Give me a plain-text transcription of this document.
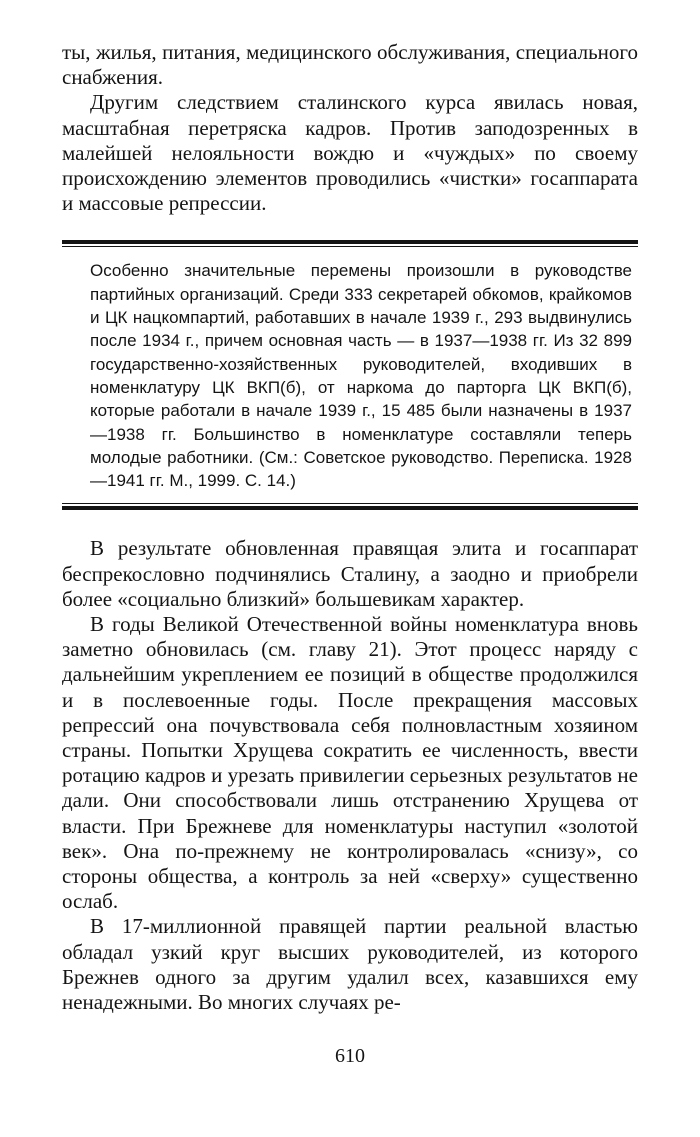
ты, жилья, питания, медицинского обслуживания, специального снабжения.

Другим следствием сталинского курса явилась новая, масштабная перетряска кадров. Против заподозренных в малейшей нелояльности вождю и «чуждых» по своему происхождению элементов проводились «чистки» госаппарата и массовые репрессии.

Особенно значительные перемены произошли в руководстве партийных организаций. Среди 333 секретарей обкомов, крайкомов и ЦК нацкомпартий, работавших в начале 1939 г., 293 выдвинулись после 1934 г., причем основная часть — в 1937—1938 гг. Из 32 899 государственно-хозяйственных руководителей, входивших в номенклатуру ЦК ВКП(б), от наркома до парторга ЦК ВКП(б), которые работали в начале 1939 г., 15 485 были назначены в 1937—1938 гг. Большинство в номенклатуре составляли теперь молодые работники. (См.: Советское руководство. Переписка. 1928—1941 гг. М., 1999. С. 14.)

В результате обновленная правящая элита и госаппарат беспрекословно подчинялись Сталину, а заодно и приобрели более «социально близкий» большевикам характер.

В годы Великой Отечественной войны номенклатура вновь заметно обновилась (см. главу 21). Этот процесс наряду с дальнейшим укреплением ее позиций в обществе продолжился и в послевоенные годы. После прекращения массовых репрессий она почувствовала себя полновластным хозяином страны. Попытки Хрущева сократить ее численность, ввести ротацию кадров и урезать привилегии серьезных результатов не дали. Они способствовали лишь отстранению Хрущева от власти. При Брежневе для номенклатуры наступил «золотой век». Она по-прежнему не контролировалась «снизу», со стороны общества, а контроль за ней «сверху» существенно ослаб.

В 17-миллионной правящей партии реальной властью обладал узкий круг высших руководителей, из которого Брежнев одного за другим удалил всех, казавшихся ему ненадежными. Во многих случаях ре-

610
